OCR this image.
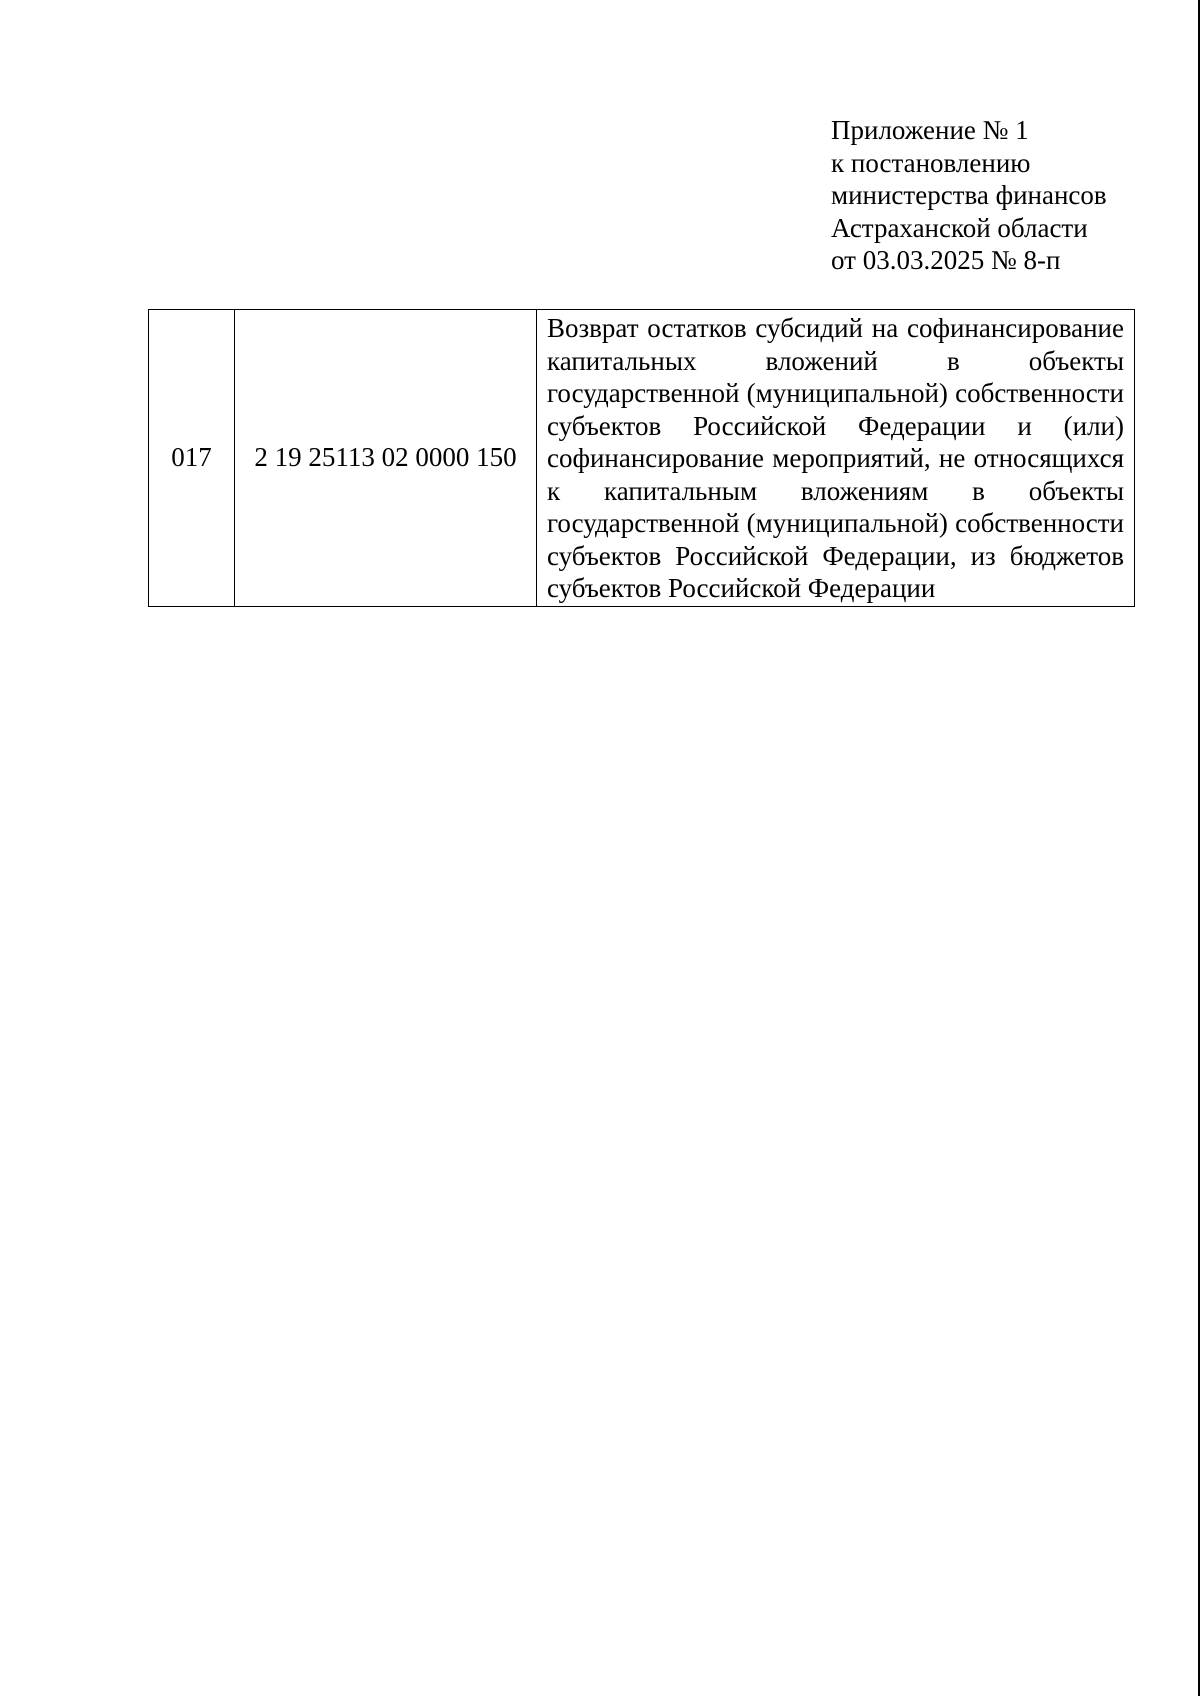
Приложение № 1
к постановлению
министерства финансов
Астраханской области
от 03.03.2025 № 8-п
017	2 19 25113 02 0000 150	Возврат остатков субсидий на софинансирование капитальных вложений в объекты государственной (муниципальной) собственности субъектов Российской Федерации и (или) софинансирование мероприятий, не относящихся к капитальным вложениям в объекты государственной (муниципальной) собственности субъектов Российской Федерации, из бюджетов субъектов Российской Федерации
